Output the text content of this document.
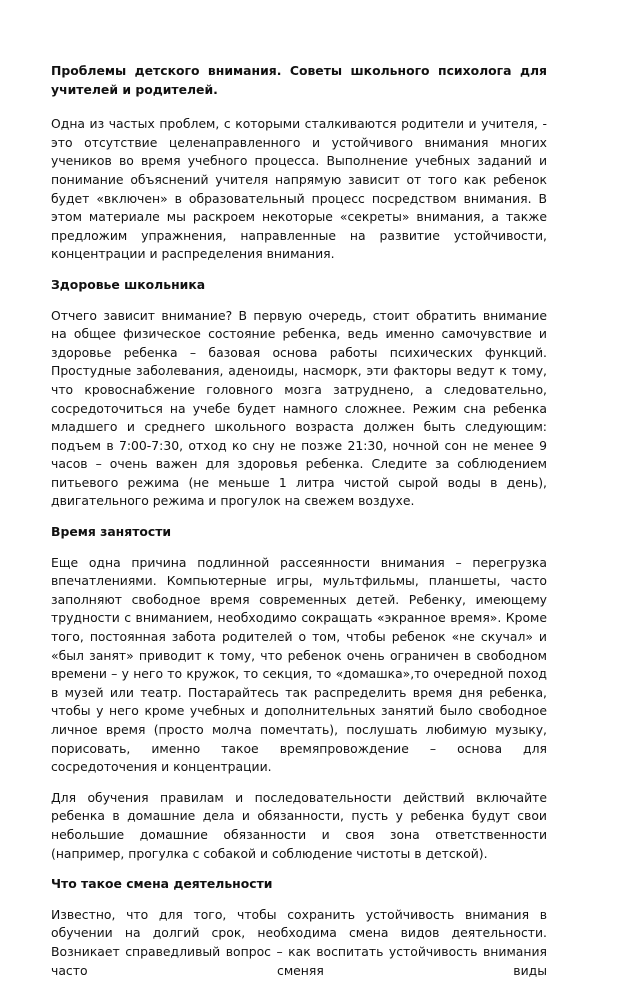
Проблемы детского внимания. Советы школьного психолога для учителей и родителей.

Одна из частых проблем, с которыми сталкиваются родители и учителя, - это отсутствие целенаправленного и устойчивого внимания многих учеников во время учебного процесса. Выполнение учебных заданий и понимание объяснений учителя напрямую зависит от того как ребенок будет «включен» в образовательный процесс посредством внимания. В этом материале мы раскроем некоторые «секреты» внимания, а также предложим упражнения, направленные на развитие устойчивости, концентрации и распределения внимания.

Здоровье школьника

Отчего зависит внимание? В первую очередь, стоит обратить внимание на общее физическое состояние ребенка, ведь именно самочувствие и здоровье ребенка – базовая основа работы психических функций. Простудные заболевания, аденоиды, насморк, эти факторы ведут к тому, что кровоснабжение головного мозга затруднено, а следовательно, сосредоточиться на учебе будет намного сложнее. Режим сна ребенка младшего и среднего школьного возраста должен быть следующим: подъем в 7:00-7:30, отход ко сну не позже 21:30, ночной сон не менее 9 часов – очень важен для здоровья ребенка. Следите за соблюдением питьевого режима (не меньше 1 литра чистой сырой воды в день), двигательного режима и прогулок на свежем воздухе.

Время занятости

Еще одна причина подлинной рассеянности внимания – перегрузка впечатлениями. Компьютерные игры, мультфильмы, планшеты, часто заполняют свободное время современных детей. Ребенку, имеющему трудности с вниманием, необходимо сокращать «экранное время». Кроме того, постоянная забота родителей о том, чтобы ребенок «не скучал» и «был занят» приводит к тому, что ребенок очень ограничен в свободном времени – у него то кружок, то секция, то «домашка»,то очередной поход в музей или театр. Постарайтесь так распределить время дня ребенка, чтобы у него кроме учебных и дополнительных занятий было свободное личное время (просто молча помечтать), послушать любимую музыку, порисовать, именно такое времяпровождение – основа для сосредоточения и концентрации.

Для обучения правилам и последовательности действий включайте ребенка в домашние дела и обязанности, пусть у ребенка будут свои небольшие домашние обязанности и своя зона ответственности (например, прогулка с собакой и соблюдение чистоты в детской).

Что такое смена деятельности

Известно, что для того, чтобы сохранить устойчивость внимания в обучении на долгий срок, необходима смена видов деятельности. Возникает справедливый вопрос – как воспитать устойчивость внимания часто сменяя виды
